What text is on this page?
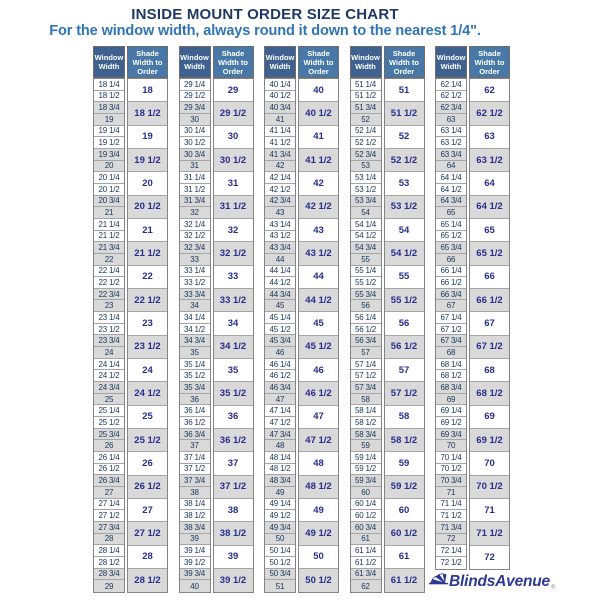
INSIDE MOUNT ORDER SIZE CHART
For the window width, always round it down to the nearest 1/4".
Window Width
Shade Width to Order
18 1/4
18 1/2
18 3/4
19
19 1/4
19 1/2
19 3/4
20
20 1/4
20 1/2
20 3/4
21
21 1/4
21 1/2
21 3/4
22
22 1/4
22 1/2
22 3/4
23
23 1/4
23 1/2
23 3/4
24
24 1/4
24 1/2
24 3/4
25
25 1/4
25 1/2
25 3/4
26
26 1/4
26 1/2
26 3/4
27
27 1/4
27 1/2
27 3/4
28
28 1/4
28 1/2
28 3/4
29
18
18 1/2
19
19 1/2
20
20 1/2
21
21 1/2
22
22 1/2
23
23 1/2
24
24 1/2
25
25 1/2
26
26 1/2
27
27 1/2
28
28 1/2
Window Width
Shade Width to Order
29 1/4
29 1/2
29 3/4
30
30 1/4
30 1/2
30 3/4
31
31 1/4
31 1/2
31 3/4
32
32 1/4
32 1/2
32 3/4
33
33 1/4
33 1/2
33 3/4
34
34 1/4
34 1/2
34 3/4
35
35 1/4
35 1/2
35 3/4
36
36 1/4
36 1/2
36 3/4
37
37 1/4
37 1/2
37 3/4
38
38 1/4
38 1/2
38 3/4
39
39 1/4
39 1/2
39 3/4
40
29
29 1/2
30
30 1/2
31
31 1/2
32
32 1/2
33
33 1/2
34
34 1/2
35
35 1/2
36
36 1/2
37
37 1/2
38
38 1/2
39
39 1/2
Window Width
Shade Width to Order
40 1/4
40 1/2
40 3/4
41
41 1/4
41 1/2
41 3/4
42
42 1/4
42 1/2
42 3/4
43
43 1/4
43 1/2
43 3/4
44
44 1/4
44 1/2
44 3/4
45
45 1/4
45 1/2
45 3/4
46
46 1/4
46 1/2
46 3/4
47
47 1/4
47 1/2
47 3/4
48
48 1/4
48 1/2
48 3/4
49
49 1/4
49 1/2
49 3/4
50
50 1/4
50 1/2
50 3/4
51
40
40 1/2
41
41 1/2
42
42 1/2
43
43 1/2
44
44 1/2
45
45 1/2
46
46 1/2
47
47 1/2
48
48 1/2
49
49 1/2
50
50 1/2
Window Width
Shade Width to Order
51 1/4
51 1/2
51 3/4
52
52 1/4
52 1/2
52 3/4
53
53 1/4
53 1/2
53 3/4
54
54 1/4
54 1/2
54 3/4
55
55 1/4
55 1/2
55 3/4
56
56 1/4
56 1/2
56 3/4
57
57 1/4
57 1/2
57 3/4
58
58 1/4
58 1/2
58 3/4
59
59 1/4
59 1/2
59 3/4
60
60 1/4
60 1/2
60 3/4
61
61 1/4
61 1/2
61 3/4
62
51
51 1/2
52
52 1/2
53
53 1/2
54
54 1/2
55
55 1/2
56
56 1/2
57
57 1/2
58
58 1/2
59
59 1/2
60
60 1/2
61
61 1/2
Window Width
Shade Width to Order
62 1/4
62 1/2
62 3/4
63
63 1/4
63 1/2
63 3/4
64
64 1/4
64 1/2
64 3/4
65
65 1/4
65 1/2
65 3/4
66
66 1/4
66 1/2
66 3/4
67
67 1/4
67 1/2
67 3/4
68
68 1/4
68 1/2
68 3/4
69
69 1/4
69 1/2
69 3/4
70
70 1/4
70 1/2
70 3/4
71
71 1/4
71 1/2
71 3/4
72
72 1/4
72 1/2
62
62 1/2
63
63 1/2
64
64 1/2
65
65 1/2
66
66 1/2
67
67 1/2
68
68 1/2
69
69 1/2
70
70 1/2
71
71 1/2
72
BlindsAvenue ®
